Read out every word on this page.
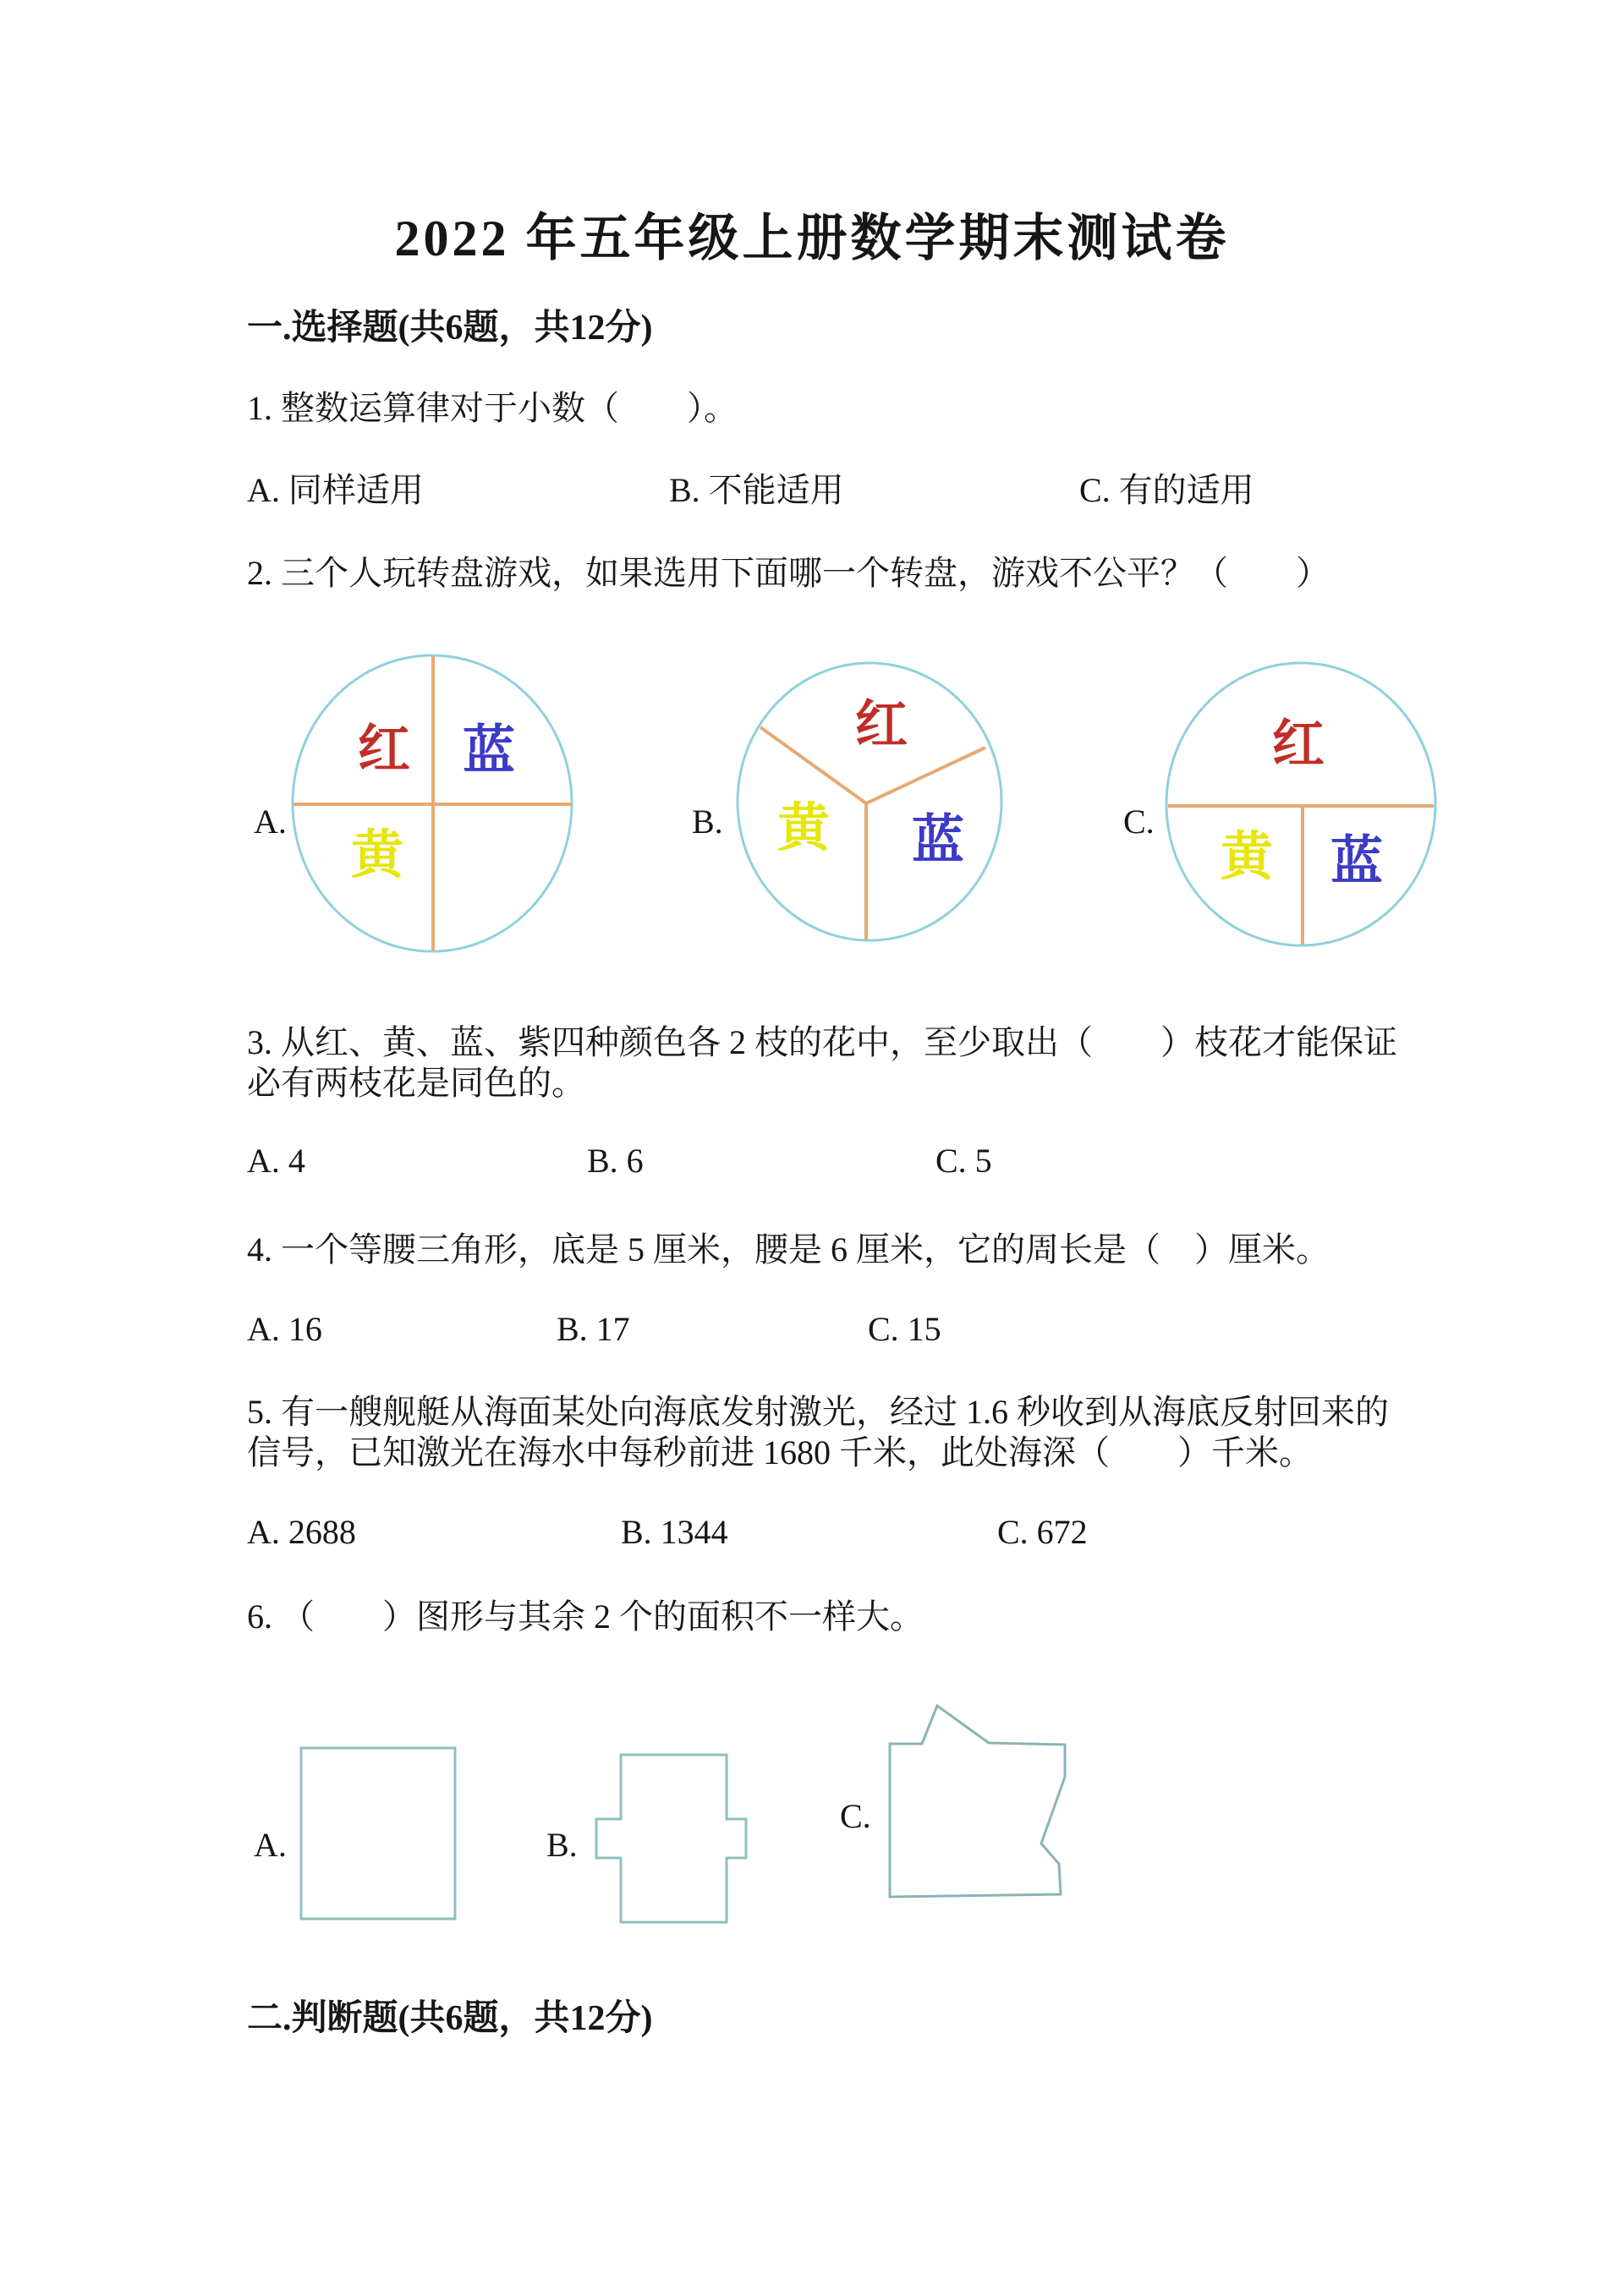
2022 年五年级上册数学期末测试卷
一.选择题(共6题，共12分)
1. 整数运算律对于小数（　　）。
A. 同样适用	B. 不能适用	C. 有的适用
2. 三个人玩转盘游戏，如果选用下面哪一个转盘，游戏不公平？（　　）
A.
红 蓝
黄
B.
红
黄 蓝	C.
红
黄 蓝
3. 从红、黄、蓝、紫四种颜色各 2 枝的花中，至少取出（　　）枝花才能保证
必有两枝花是同色的。
A. 4	B. 6	C. 5
4. 一个等腰三角形，底是 5 厘米，腰是 6 厘米，它的周长是（　）厘米。
A. 16	B. 17	C. 15
5. 有一艘舰艇从海面某处向海底发射激光，经过 1.6 秒收到从海底反射回来的
信号，已知激光在海水中每秒前进 1680 千米，此处海深（　　）千米。
A. 2688	B. 1344	C. 672
6. （　　）图形与其余 2 个的面积不一样大。
A.	B.
C.
二.判断题(共6题，共12分)
